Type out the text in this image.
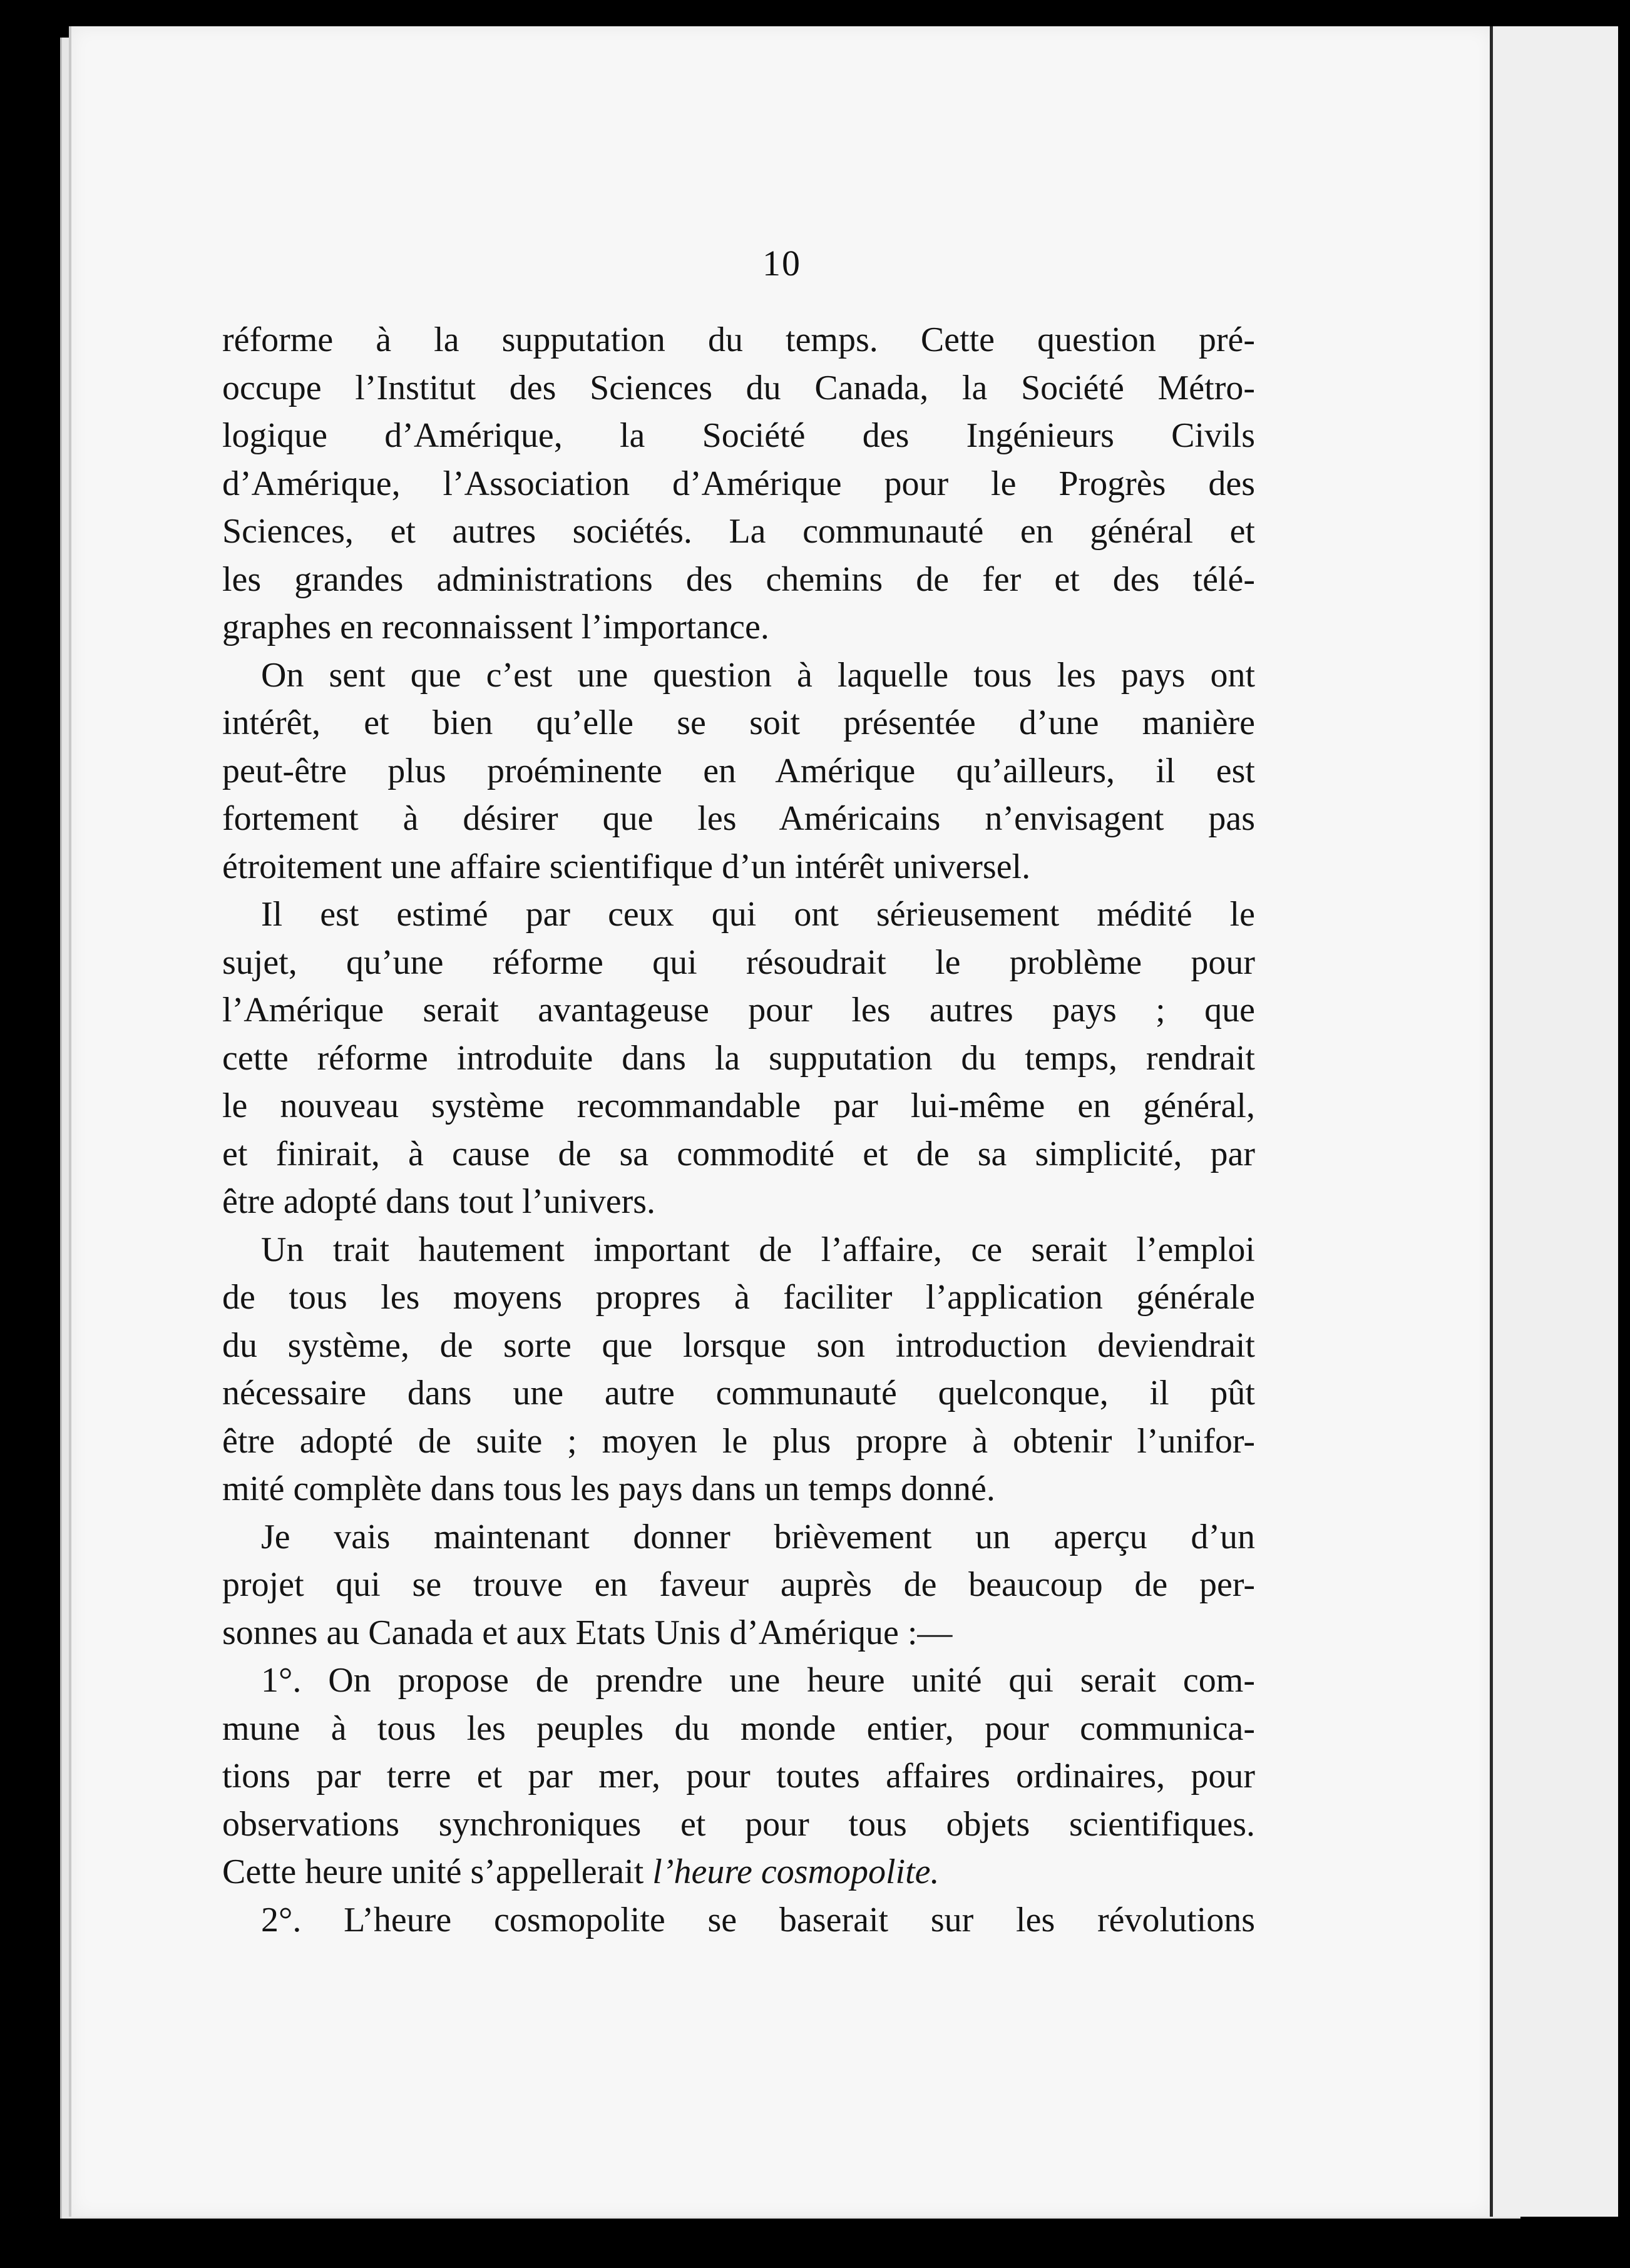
10
réforme à la supputation du temps. Cette question pré-
occupe l’Institut des Sciences du Canada, la Société Métro-
logique d’Amérique, la Société des Ingénieurs Civils
d’Amérique, l’Association d’Amérique pour le Progrès des
Sciences, et autres sociétés. La communauté en général et
les grandes administrations des chemins de fer et des télé-
graphes en reconnaissent l’importance.
On sent que c’est une question à laquelle tous les pays ont
intérêt, et bien qu’elle se soit présentée d’une manière
peut-être plus proéminente en Amérique qu’ailleurs, il est
fortement à désirer que les Américains n’envisagent pas
étroitement une affaire scientifique d’un intérêt universel.
Il est estimé par ceux qui ont sérieusement médité le
sujet, qu’une réforme qui résoudrait le problème pour
l’Amérique serait avantageuse pour les autres pays ; que
cette réforme introduite dans la supputation du temps, rendrait
le nouveau système recommandable par lui-même en général,
et finirait, à cause de sa commodité et de sa simplicité, par
être adopté dans tout l’univers.
Un trait hautement important de l’affaire, ce serait l’emploi
de tous les moyens propres à faciliter l’application générale
du système, de sorte que lorsque son introduction deviendrait
nécessaire dans une autre communauté quelconque, il pût
être adopté de suite ; moyen le plus propre à obtenir l’unifor-
mité complète dans tous les pays dans un temps donné.
Je vais maintenant donner brièvement un aperçu d’un
projet qui se trouve en faveur auprès de beaucoup de per-
sonnes au Canada et aux Etats Unis d’Amérique :—
1°. On propose de prendre une heure unité qui serait com-
mune à tous les peuples du monde entier, pour communica-
tions par terre et par mer, pour toutes affaires ordinaires, pour
observations synchroniques et pour tous objets scientifiques.
Cette heure unité s’appellerait l’heure cosmopolite.
2°. L’heure cosmopolite se baserait sur les révolutions
